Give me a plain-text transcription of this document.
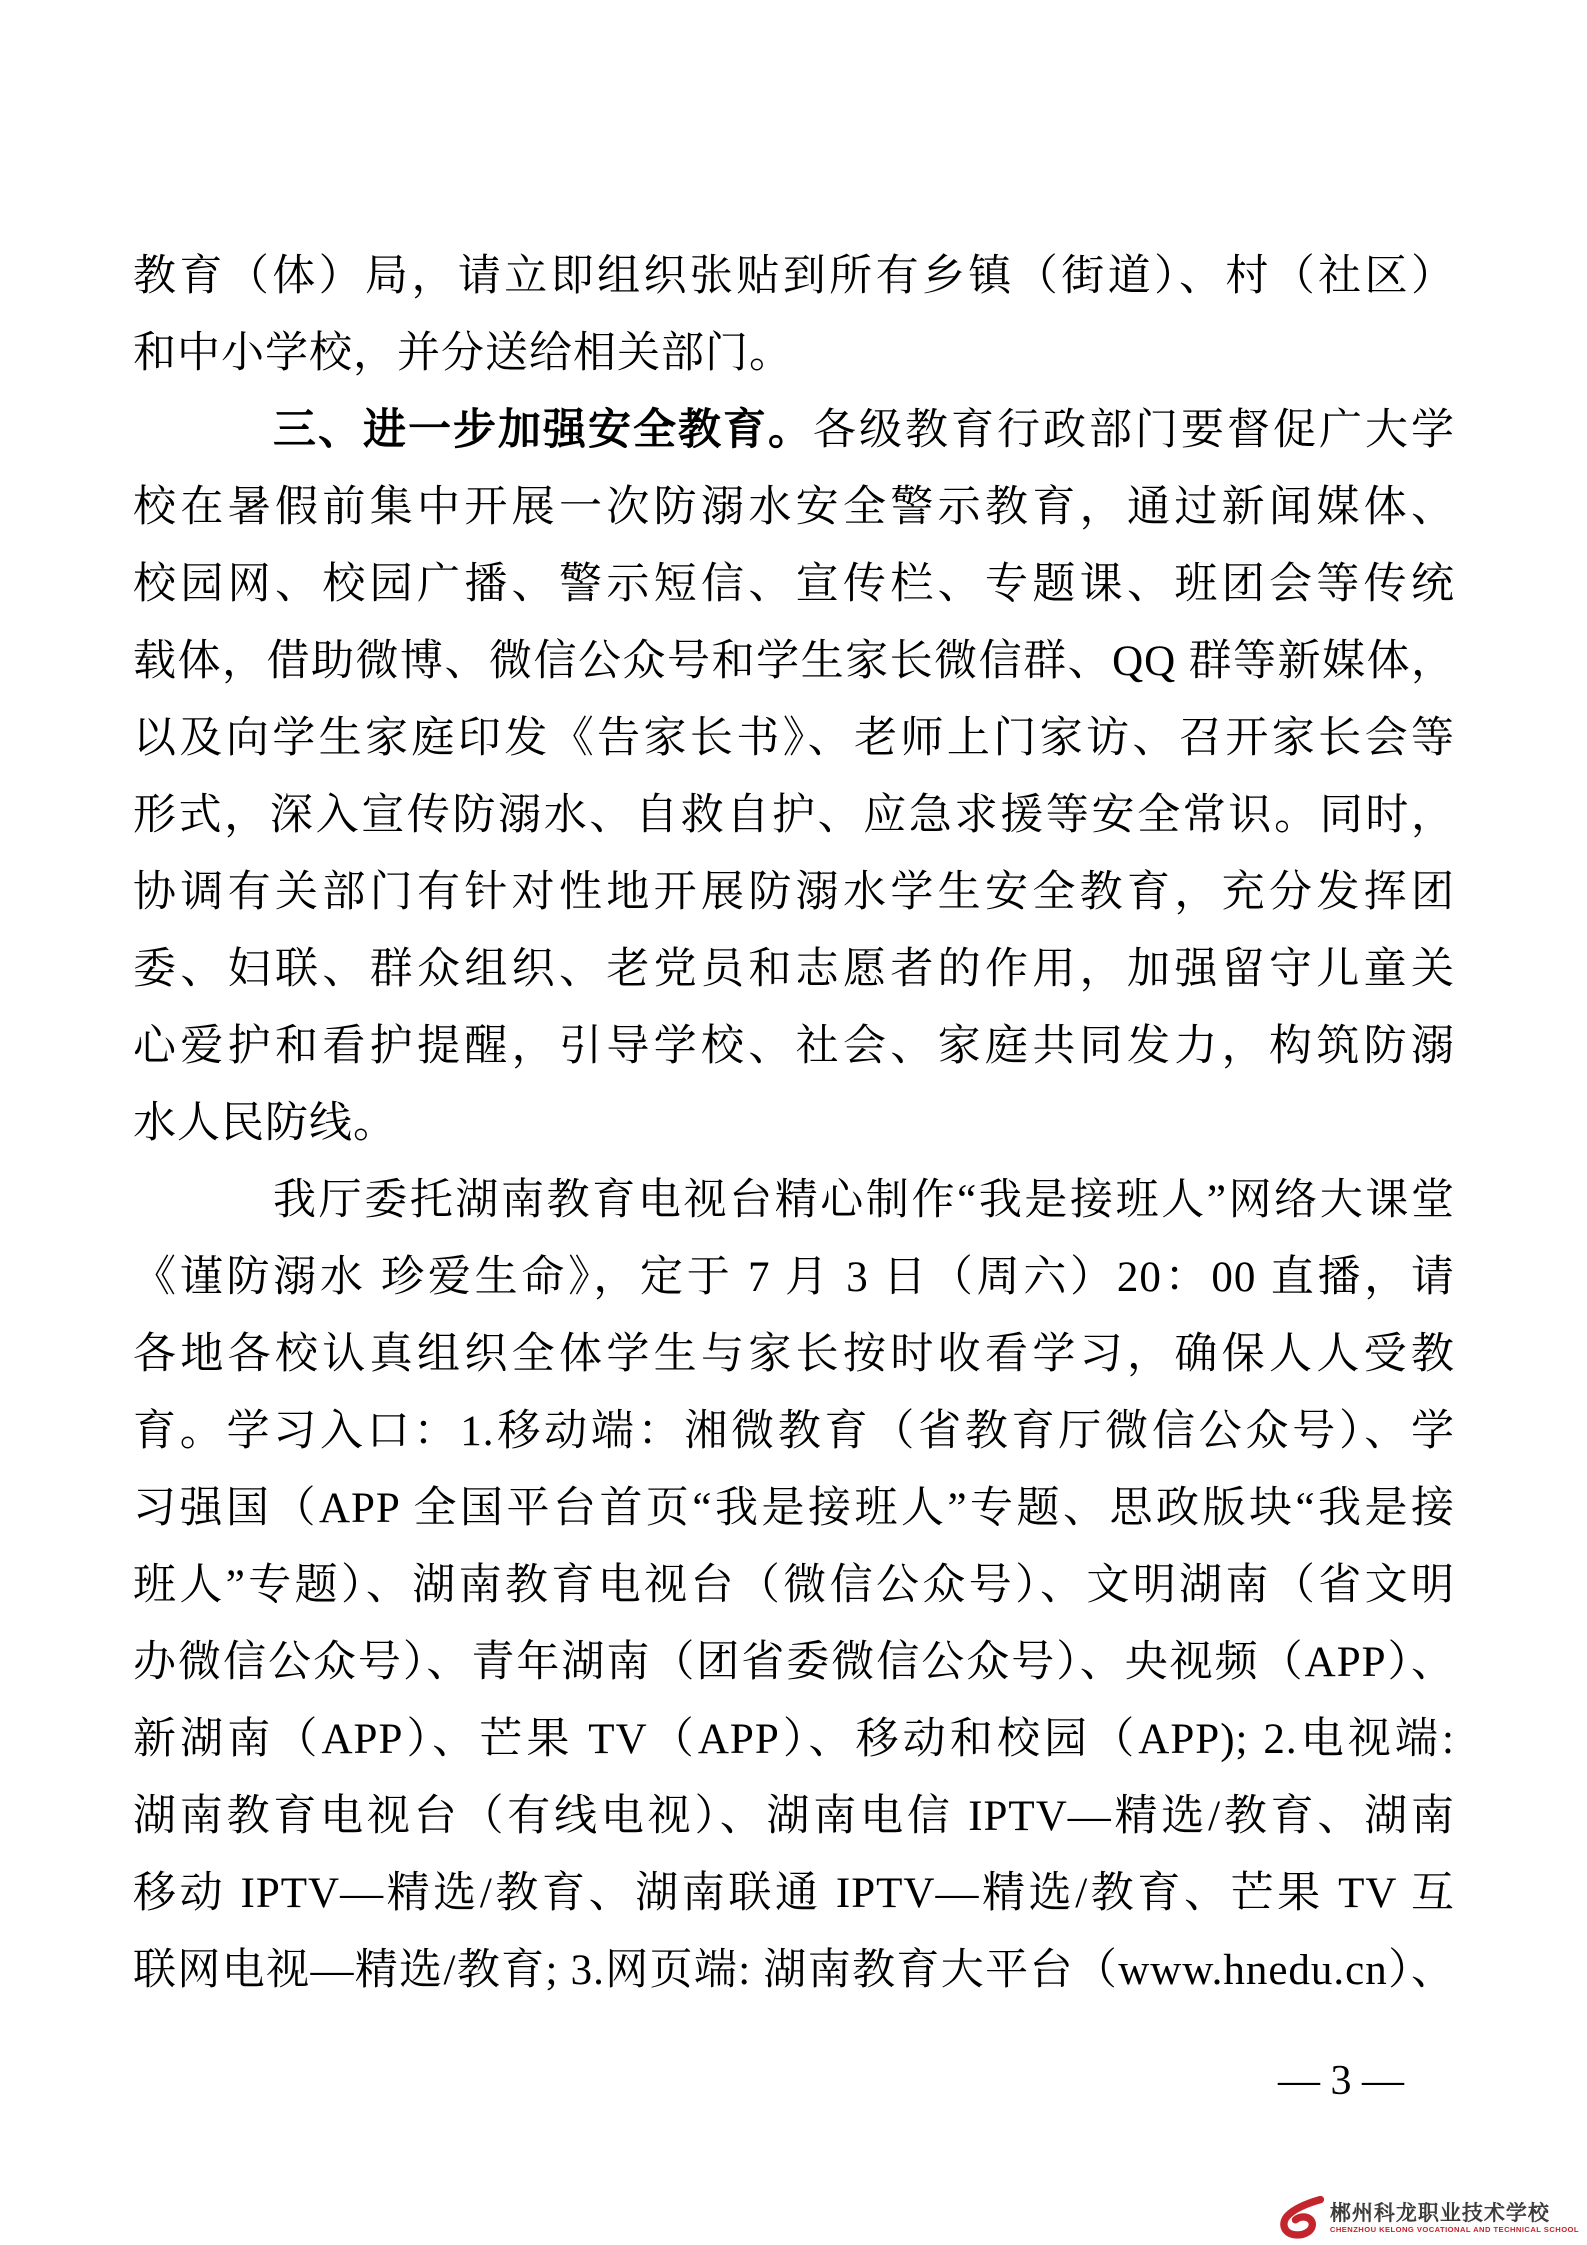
教育（体）局，请立即组织张贴到所有乡镇（街道）、村（社区）
和中小学校，并分送给相关部门。
三、进一步加强安全教育。各级教育行政部门要督促广大学
校在暑假前集中开展一次防溺水安全警示教育，通过新闻媒体、
校园网、校园广播、警示短信、宣传栏、专题课、班团会等传统
载体，借助微博、微信公众号和学生家长微信群、QQ 群等新媒体，
以及向学生家庭印发《告家长书》、老师上门家访、召开家长会等
形式，深入宣传防溺水、自救自护、应急求援等安全常识。同时，
协调有关部门有针对性地开展防溺水学生安全教育，充分发挥团
委、妇联、群众组织、老党员和志愿者的作用，加强留守儿童关
心爱护和看护提醒，引导学校、社会、家庭共同发力，构筑防溺
水人民防线。
我厅委托湖南教育电视台精心制作“我是接班人”网络大课堂
《谨防溺水 珍爱生命》，定于 7 月 3 日（周六）20：00 直播，请
各地各校认真组织全体学生与家长按时收看学习，确保人人受教
育。学习入口：1.移动端：湘微教育（省教育厅微信公众号）、学
习强国（APP 全国平台首页“我是接班人”专题、思政版块“我是接
班人”专题）、湖南教育电视台（微信公众号）、文明湖南（省文明
办微信公众号）、青年湖南（团省委微信公众号）、央视频（APP）、
新湖南（APP）、芒果 TV（APP）、移动和校园（APP); 2.电视端:
湖南教育电视台（有线电视）、湖南电信 IPTV—精选/教育、湖南
移动 IPTV—精选/教育、湖南联通 IPTV—精选/教育、芒果 TV 互
联网电视—精选/教育; 3.网页端: 湖南教育大平台（www.hnedu.cn）、
— 3 —
郴州科龙职业技术学校
CHENZHOU KELONG VOCATIONAL AND TECHNICAL SCHOOL
